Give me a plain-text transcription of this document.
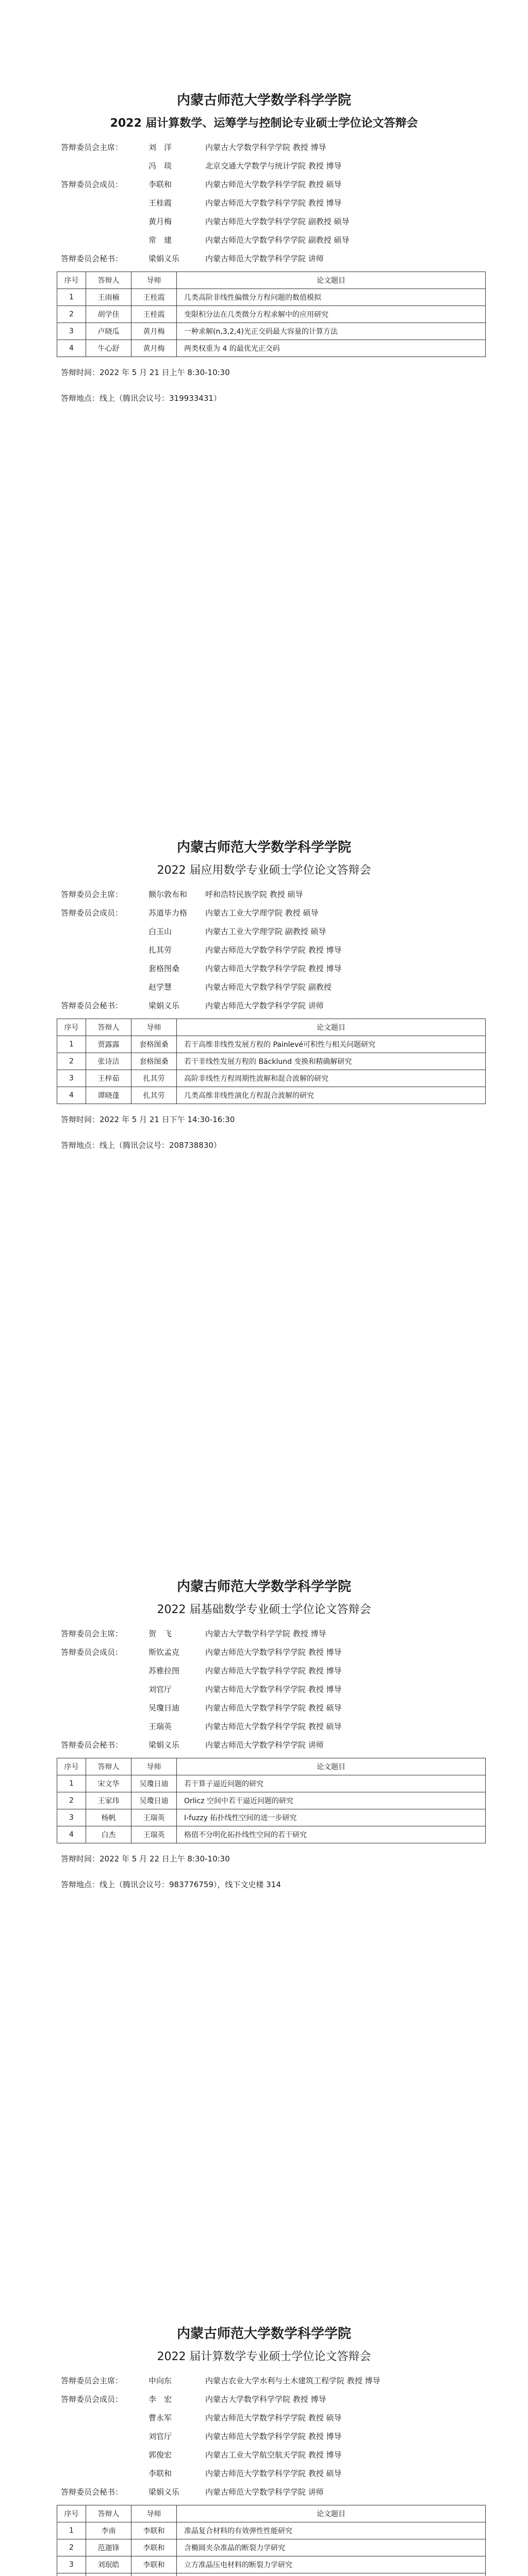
内蒙古师范大学数学科学学院
2022 届计算数学、运筹学与控制论专业硕士学位论文答辩会
答辩委员会主席：	刘　洋	内蒙古大学数学科学学院 教授 博导
冯　琰	北京交通大学数学与统计学院 教授 博导
答辩委员会成员：	李联和	内蒙古师范大学数学科学学院 教授 硕导
王桂霞	内蒙古师范大学数学科学学院 教授 博导
黄月梅	内蒙古师范大学数学科学学院 副教授 硕导
常　建	内蒙古师范大学数学科学学院 副教授 硕导
答辩委员会秘书：	梁娟义乐	内蒙古师范大学数学科学学院 讲师
序号	答辩人	导师	论文题目
1	王雨楠	王桂霞	几类高阶非线性偏微分方程问题的数值模拟
2	胡学佳	王桂霞	变限积分法在几类微分方程求解中的应用研究
3	卢晓瓜	黄月梅	一种求解(n,3,2,4)光正交码最大容量的计算方法
4	牛心舒	黄月梅	两类权重为 4 的最优光正交码
答辩时间：2022 年 5 月 21 日上午 8:30-10:30
答辩地点：线上（腾讯会议号：319933431）
内蒙古师范大学数学科学学院
2022 届应用数学专业硕士学位论文答辩会
答辩委员会主席：	额尔敦布和	呼和浩特民族学院 教授 硕导
答辩委员会成员：	苏道毕力格	内蒙古工业大学理学院 教授 硕导
白玉山	内蒙古工业大学理学院 副教授 硕导
扎其劳	内蒙古师范大学数学科学学院 教授 博导
套格图桑	内蒙古师范大学数学科学学院 教授 博导
赵学慧	内蒙古师范大学数学科学学院 副教授
答辩委员会秘书：	梁娟义乐	内蒙古师范大学数学科学学院 讲师
序号	答辩人	导师	论文题目
1	贾露露	套格图桑	若干高维非线性发展方程的 Painlevé可积性与相关问题研究
2	张诗洁	套格图桑	若干非线性发展方程的 Bäcklund 变换和精确解研究
3	王梓茹	扎其劳	高阶非线性方程周期性波解和混合波解的研究
4	谭晓蓬	扎其劳	几类高维非线性演化方程混合波解的研究
答辩时间：2022 年 5 月 21 日下午 14:30-16:30
答辩地点：线上（腾讯会议号：208738830）
内蒙古师范大学数学科学学院
2022 届基础数学专业硕士学位论文答辩会
答辩委员会主席：	贺　飞	内蒙古大学数学科学学院 教授 博导
答辩委员会成员：	斯钦孟克	内蒙古师范大学数学科学学院 教授 博导
苏雅拉图	内蒙古师范大学数学科学学院 教授 博导
刘官厅	内蒙古师范大学数学科学学院 教授 博导
吴瓊日迪	内蒙古师范大学数学科学学院 教授 硕导
王瑞英	内蒙古师范大学数学科学学院 教授 硕导
答辩委员会秘书：	梁娟义乐	内蒙古师范大学数学科学学院 讲师
序号	答辩人	导师	论文题目
1	宋文华	吴瓊日迪	若干算子逼近问题的研究
2	王家玮	吴瓊日迪	Orlicz 空间中若干逼近问题的研究
3	杨帆	王瑞英	I-fuzzy 拓扑线性空间的进一步研究
4	白杰	王瑞英	格值不分明化拓扑线性空间的若干研究
答辩时间：2022 年 5 月 22 日上午 8:30-10:30
答辩地点：线上（腾讯会议号：983776759），线下文史楼 314
内蒙古师范大学数学科学学院
2022 届计算数学专业硕士学位论文答辩会
答辩委员会主席：	申向东	内蒙古农业大学水利与土木建筑工程学院 教授 博导
答辩委员会成员：	李　宏	内蒙古大学数学科学学院 教授 博导
曹永军	内蒙古师范大学数学科学学院 教授 硕导
刘官厅	内蒙古师范大学数学科学学院 教授 博导
郭俊宏	内蒙古工业大学航空航天学院 教授 博导
李联和	内蒙古师范大学数学科学学院 教授 硕导
答辩委员会秘书：	梁娟义乐	内蒙古师范大学数学科学学院 讲师
序号	答辩人	导师	论文题目
1	李南	李联和	准晶复合材料的有效弹性性能研究
2	范迦锋	李联和	含椭圆夹杂准晶的断裂力学研究
3	刘珉皓	李联和	立方准晶压电材料的断裂力学研究
